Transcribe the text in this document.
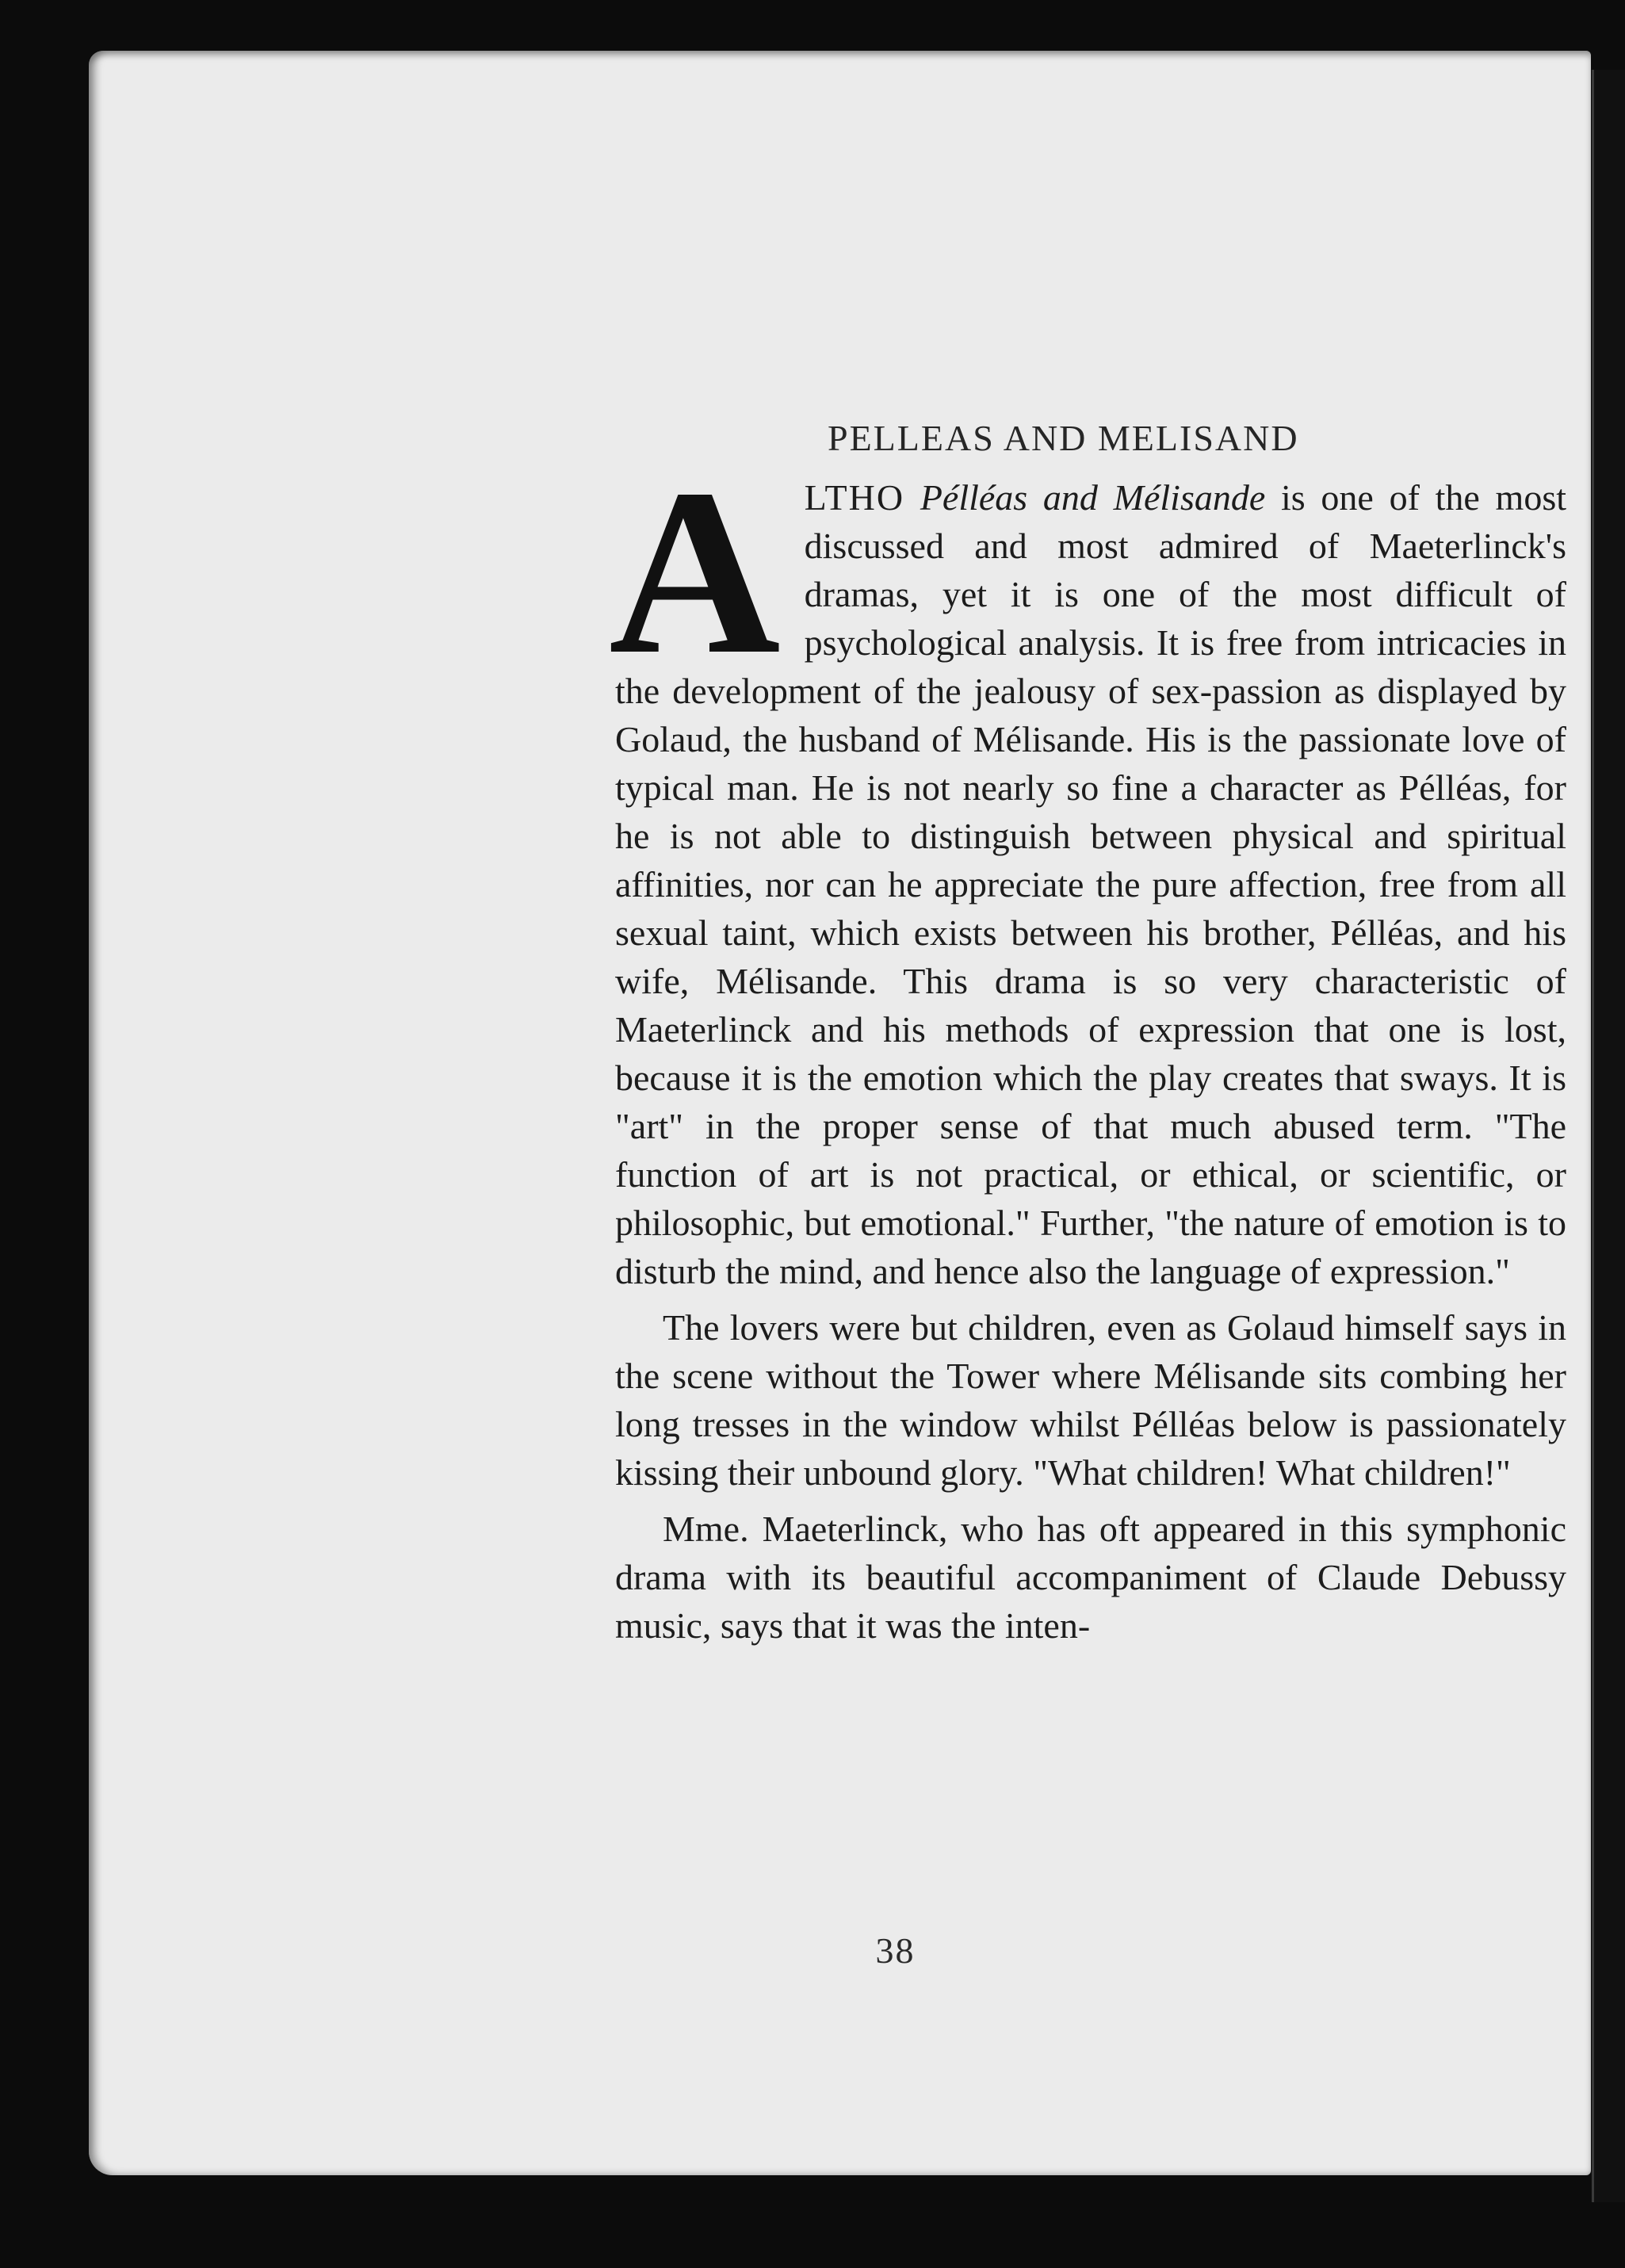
PELLEAS AND MELISAND

A LTHO Pélléas and Mélisande is one of the most discussed and most admired of Maeterlinck's dramas, yet it is one of the most difficult of psychological analysis. It is free from intricacies in the development of the jealousy of sex-passion as displayed by Golaud, the husband of Mélisande. His is the passionate love of typical man. He is not nearly so fine a character as Pélléas, for he is not able to distinguish between physical and spiritual affinities, nor can he appreciate the pure affection, free from all sexual taint, which exists between his brother, Pélléas, and his wife, Mélisande. This drama is so very characteristic of Maeterlinck and his methods of expression that one is lost, because it is the emotion which the play creates that sways. It is "art" in the proper sense of that much abused term. "The function of art is not practical, or ethical, or scientific, or philosophic, but emotional." Further, "the nature of emotion is to disturb the mind, and hence also the language of expression."

The lovers were but children, even as Golaud himself says in the scene without the Tower where Mélisande sits combing her long tresses in the window whilst Pélléas below is passionately kissing their unbound glory. "What children! What children!"

Mme. Maeterlinck, who has oft appeared in this symphonic drama with its beautiful accompaniment of Claude Debussy music, says that it was the inten-

38
